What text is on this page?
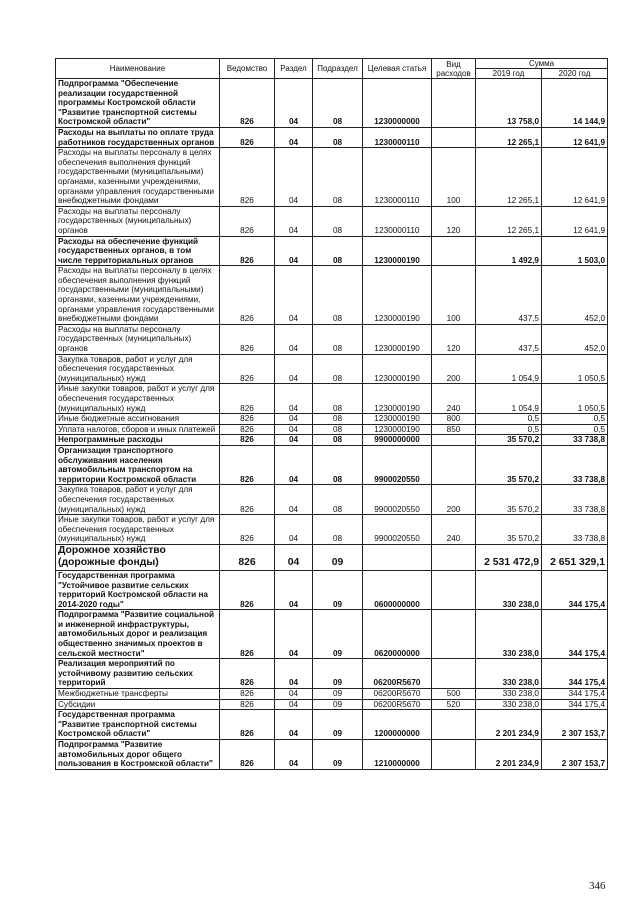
Наименование	Ведомство	Раздел	Подраздел	Целевая статья	Вид расходов	Сумма	
						2019 год	2020 год
Подпрограмма "Обеспечение реализации государственной программы Костромской области "Развитие транспортной системы Костромской области"	826	04	08	1230000000		13 758,0	14 144,9
Расходы на выплаты по оплате труда работников государственных органов	826	04	08	1230000110		12 265,1	12 641,9
Расходы на выплаты персоналу в целях обеспечения выполнения функций государственными (муниципальными) органами, казенными учреждениями, органами управления государственными внебюджетными фондами	826	04	08	1230000110	100	12 265,1	12 641,9
Расходы на выплаты персоналу государственных (муниципальных) органов	826	04	08	1230000110	120	12 265,1	12 641,9
Расходы на обеспечение функций государственных органов, в том числе территориальных органов	826	04	08	1230000190		1 492,9	1 503,0
Расходы на выплаты персоналу в целях обеспечения выполнения функций государственными (муниципальными) органами, казенными учреждениями, органами управления государственными внебюджетными фондами	826	04	08	1230000190	100	437,5	452,0
Расходы на выплаты персоналу государственных (муниципальных) органов	826	04	08	1230000190	120	437,5	452,0
Закупка товаров, работ и услуг для обеспечения государственных (муниципальных) нужд	826	04	08	1230000190	200	1 054,9	1 050,5
Иные закупки товаров, работ и услуг для обеспечения государственных (муниципальных) нужд	826	04	08	1230000190	240	1 054,9	1 050,5
Иные бюджетные ассигнования	826	04	08	1230000190	800	0,5	0,5
Уплата налогов, сборов и иных платежей	826	04	08	1230000190	850	0,5	0,5
Непрограммные расходы	826	04	08	9900000000		35 570,2	33 738,8
Организация транспортного обслуживания населения автомобильным транспортом на территории Костромской области	826	04	08	9900020550		35 570,2	33 738,8
Закупка товаров, работ и услуг для обеспечения государственных (муниципальных) нужд	826	04	08	9900020550	200	35 570,2	33 738,8
Иные закупки товаров, работ и услуг для обеспечения государственных (муниципальных) нужд	826	04	08	9900020550	240	35 570,2	33 738,8
Дорожное хозяйство (дорожные фонды)	826	04	09			2 531 472,9	2 651 329,1
Государственная программа "Устойчивое развитие сельских территорий Костромской области на 2014-2020 годы"	826	04	09	0600000000		330 238,0	344 175,4
Подпрограмма "Развитие социальной и инженерной инфраструктуры, автомобильных дорог и реализация общественно значимых проектов в сельской местности"	826	04	09	0620000000		330 238,0	344 175,4
Реализация мероприятий по устойчивому развитию сельских территорий	826	04	09	06200R5670		330 238,0	344 175,4
Межбюджетные трансферты	826	04	09	06200R5670	500	330 238,0	344 175,4
Субсидии	826	04	09	06200R5670	520	330 238,0	344 175,4
Государственная программа "Развитие транспортной системы Костромской области"	826	04	09	1200000000		2 201 234,9	2 307 153,7
Подпрограмма "Развитие автомобильных дорог общего пользования в Костромской области"	826	04	09	1210000000		2 201 234,9	2 307 153,7
346
